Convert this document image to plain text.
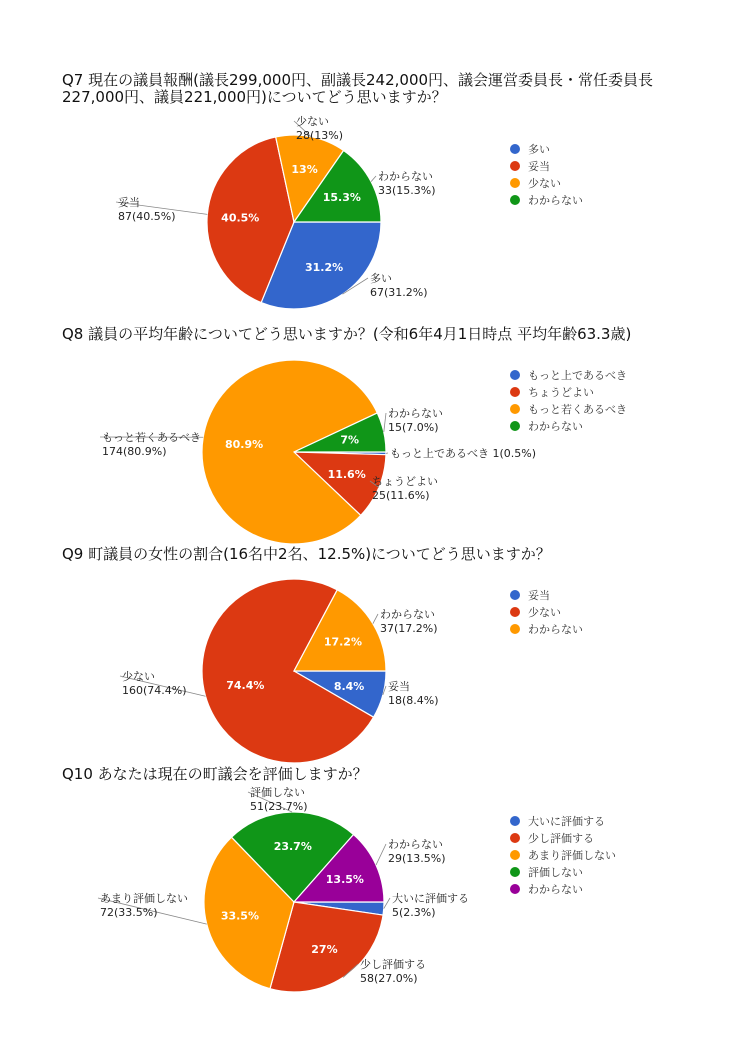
Q7 現在の議員報酬(議長299,000円、副議長242,000円、議会運営委員長・常任委員長
227,000円、議員221,000円)についてどう思いますか？
31.2%
多い
67(31.2%)
40.5%
妥当
87(40.5%)
13%
少ない
28(13%)
15.3%
わからない
33(15.3%)
多い
妥当
少ない
わからない
Q8 議員の平均年齢についてどう思いますか？(令和6年4月1日時点 平均年齢63.3歳)
もっと上であるべき 1(0.5%)
11.6%
ちょうどよい
25(11.6%)
80.9%
もっと若くあるべき
174(80.9%)
7%
わからない
15(7.0%)
もっと上であるべき
ちょうどよい
もっと若くあるべき
わからない
Q9 町議員の女性の割合(16名中2名、12.5%)についてどう思いますか？
8.4% 妥当
18(8.4%)
74.4%
少ない
160(74.4%)
17.2%
わからない
37(17.2%)
妥当
少ない
わからない
Q10 あなたは現在の町議会を評価しますか？
大いに評価する
5(2.3%)
27%
少し評価する
58(27.0%)
33.5%
あまり評価しない
72(33.5%)
23.7%
評価しない
51(23.7%)
13.5%
わからない
29(13.5%)
大いに評価する
少し評価する
あまり評価しない
評価しない
わからない
